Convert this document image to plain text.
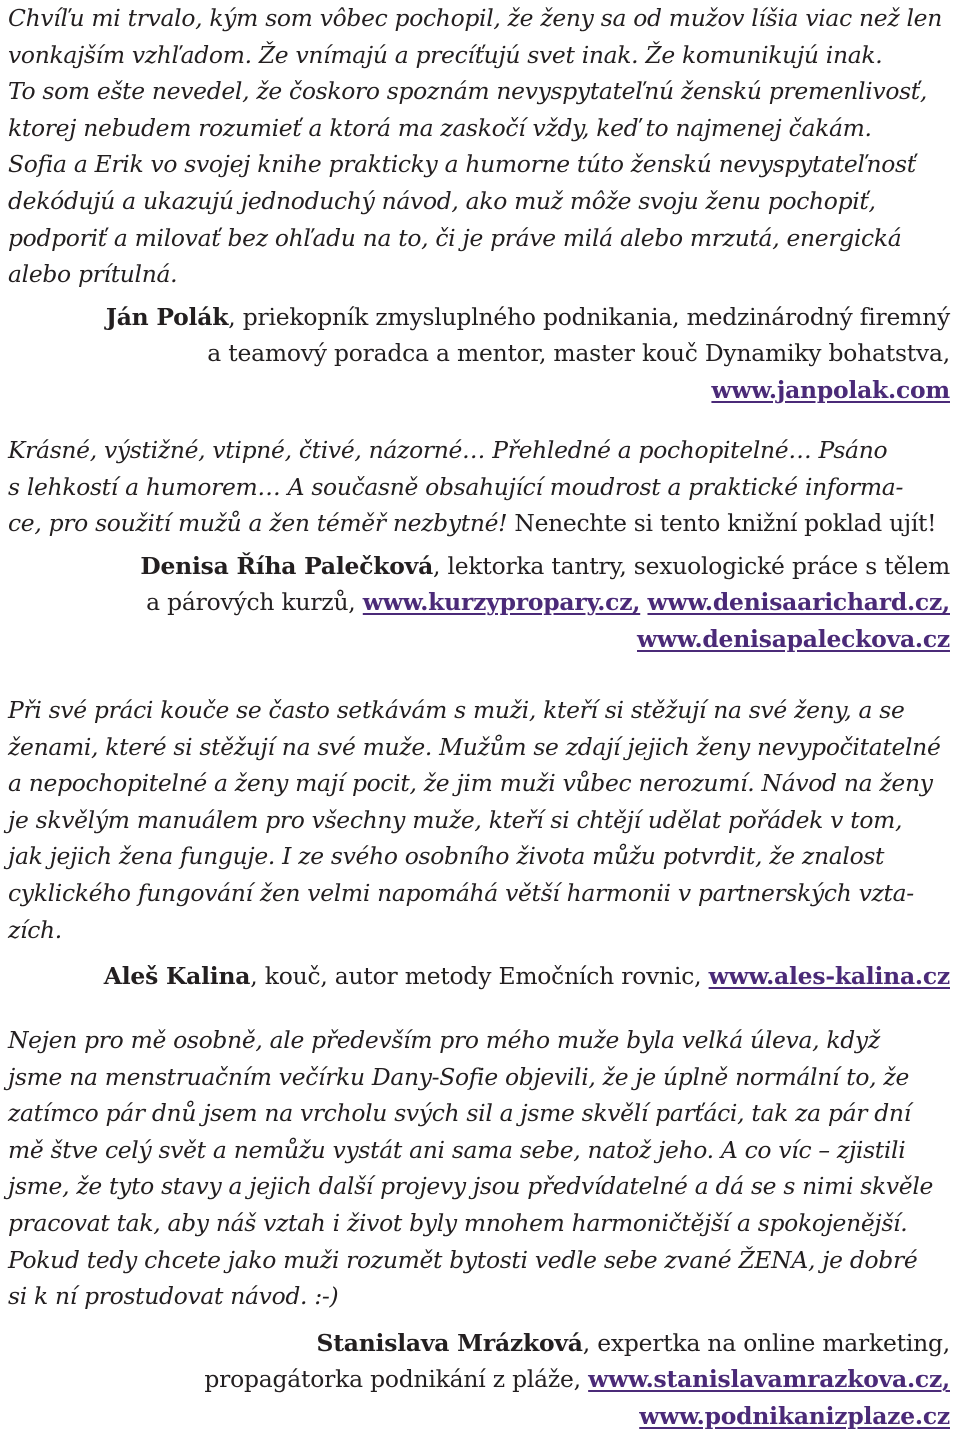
Chvíľu mi trvalo, kým som vôbec pochopil, že ženy sa od mužov líšia viac než len
vonkajším vzhľadom. Že vnímajú a precíťujú svet inak. Že komunikujú inak.
To som ešte nevedel, že čoskoro spoznám nevyspytateľnú ženskú premenlivosť,
ktorej nebudem rozumieť a ktorá ma zaskočí vždy, keď to najmenej čakám.
Sofia a Erik vo svojej knihe prakticky a humorne túto ženskú nevyspytateľnosť
dekódujú a ukazujú jednoduchý návod, ako muž môže svoju ženu pochopiť,
podporiť a milovať bez ohľadu na to, či je práve milá alebo mrzutá, energická
alebo prítulná.

Ján Polák, priekopník zmysluplného podnikania, medzinárodný firemný
a teamový poradca a mentor, master kouč Dynamiky bohatstva,
www.janpolak.com

Krásné, výstižné, vtipné, čtivé, názorné… Přehledné a pochopitelné… Psáno
s lehkostí a humorem… A současně obsahující moudrost a praktické informa-
ce, pro soužití mužů a žen téměř nezbytné! Nenechte si tento knižní poklad ujít!

Denisa Říha Palečková, lektorka tantry, sexuologické práce s tělem
a párových kurzů, www.kurzypropary.cz, www.denisaarichard.cz,
www.denisapaleckova.cz

Při své práci kouče se často setkávám s muži, kteří si stěžují na své ženy, a se
ženami, které si stěžují na své muže. Mužům se zdají jejich ženy nevypočitatelné
a nepochopitelné a ženy mají pocit, že jim muži vůbec nerozumí. Návod na ženy
je skvělým manuálem pro všechny muže, kteří si chtějí udělat pořádek v tom,
jak jejich žena funguje. I ze svého osobního života můžu potvrdit, že znalost
cyklického fungování žen velmi napomáhá větší harmonii v partnerských vzta-
zích.

Aleš Kalina, kouč, autor metody Emočních rovnic, www.ales-kalina.cz

Nejen pro mě osobně, ale především pro mého muže byla velká úleva, když
jsme na menstruačním večírku Dany-Sofie objevili, že je úplně normální to, že
zatímco pár dnů jsem na vrcholu svých sil a jsme skvělí parťáci, tak za pár dní
mě štve celý svět a nemůžu vystát ani sama sebe, natož jeho. A co víc – zjistili
jsme, že tyto stavy a jejich další projevy jsou předvídatelné a dá se s nimi skvěle
pracovat tak, aby náš vztah i život byly mnohem harmoničtější a spokojenější.
Pokud tedy chcete jako muži rozumět bytosti vedle sebe zvané ŽENA, je dobré
si k ní prostudovat návod. :-)

Stanislava Mrázková, expertka na online marketing,
propagátorka podnikání z pláže, www.stanislavamrazkova.cz,
www.podnikanizplaze.cz
